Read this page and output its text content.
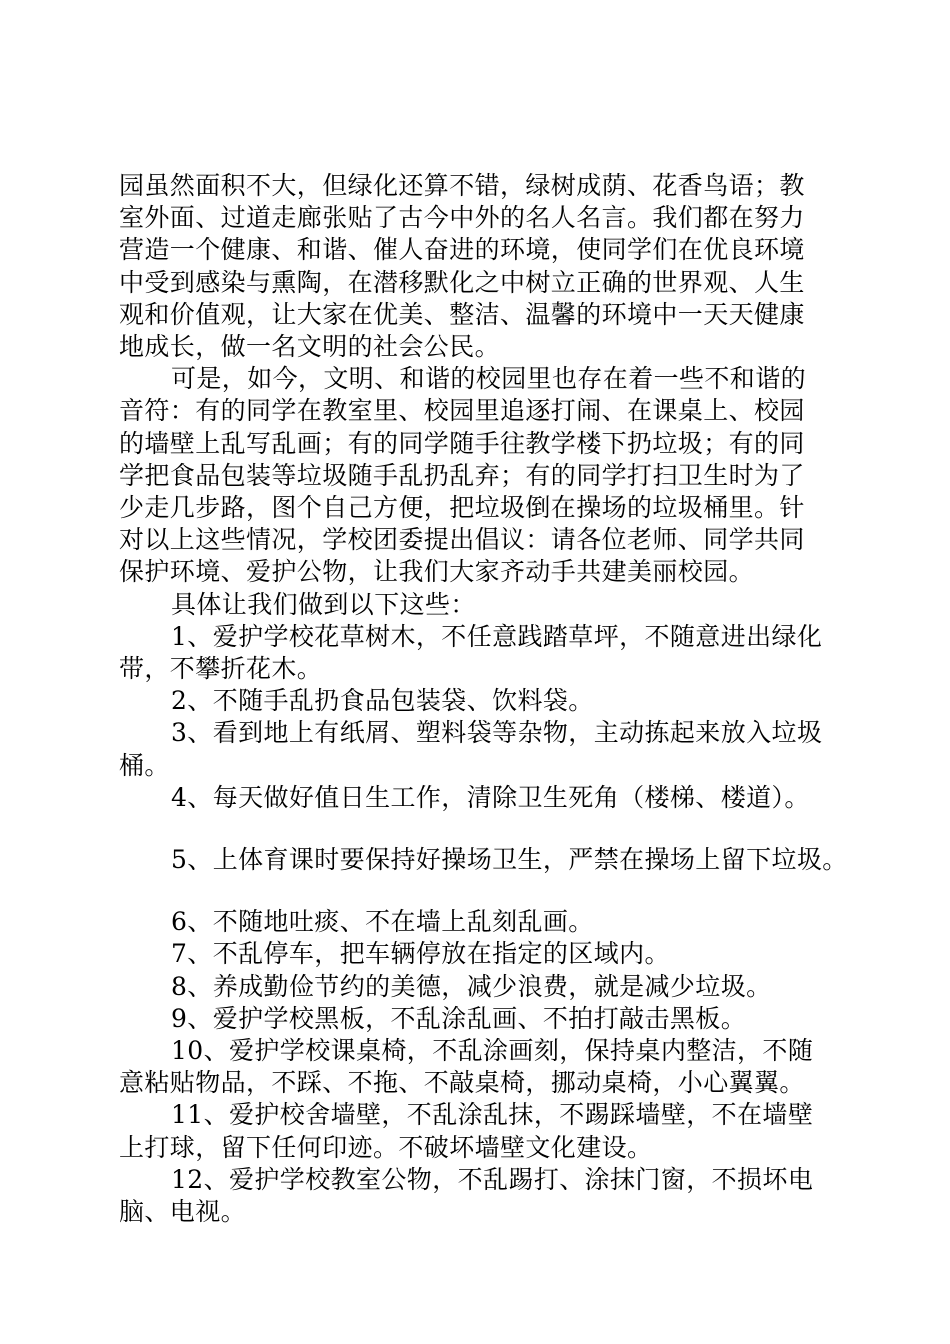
园虽然面积不大，但绿化还算不错，绿树成荫、花香鸟语；教

室外面、过道走廊张贴了古今中外的名人名言。我们都在努力

营造一个健康、和谐、催人奋进的环境，使同学们在优良环境

中受到感染与熏陶，在潜移默化之中树立正确的世界观、人生

观和价值观，让大家在优美、整洁、温馨的环境中一天天健康

地成长，做一名文明的社会公民。

可是，如今，文明、和谐的校园里也存在着一些不和谐的

音符：有的同学在教室里、校园里追逐打闹、在课桌上、校园

的墙壁上乱写乱画；有的同学随手往教学楼下扔垃圾；有的同

学把食品包装等垃圾随手乱扔乱弃；有的同学打扫卫生时为了

少走几步路，图个自己方便，把垃圾倒在操场的垃圾桶里。针

对以上这些情况，学校团委提出倡议：请各位老师、同学共同

保护环境、爱护公物，让我们大家齐动手共建美丽校园。

具体让我们做到以下这些：

1、爱护学校花草树木，不任意践踏草坪，不随意进出绿化

带，不攀折花木。

2、不随手乱扔食品包装袋、饮料袋。

3、看到地上有纸屑、塑料袋等杂物，主动拣起来放入垃圾

桶。

4、每天做好值日生工作，清除卫生死角（楼梯、楼道）。

5、上体育课时要保持好操场卫生，严禁在操场上留下垃圾。

6、不随地吐痰、不在墙上乱刻乱画。

7、不乱停车，把车辆停放在指定的区域内。

8、养成勤俭节约的美德，减少浪费，就是减少垃圾。

9、爱护学校黑板，不乱涂乱画、不拍打敲击黑板。

10、爱护学校课桌椅，不乱涂画刻，保持桌内整洁，不随

意粘贴物品，不踩、不拖、不敲桌椅，挪动桌椅，小心翼翼。

11、爱护校舍墙壁，不乱涂乱抹，不踢踩墙壁，不在墙壁

上打球，留下任何印迹。不破坏墙壁文化建设。

12、爱护学校教室公物，不乱踢打、涂抹门窗，不损坏电

脑、电视。
